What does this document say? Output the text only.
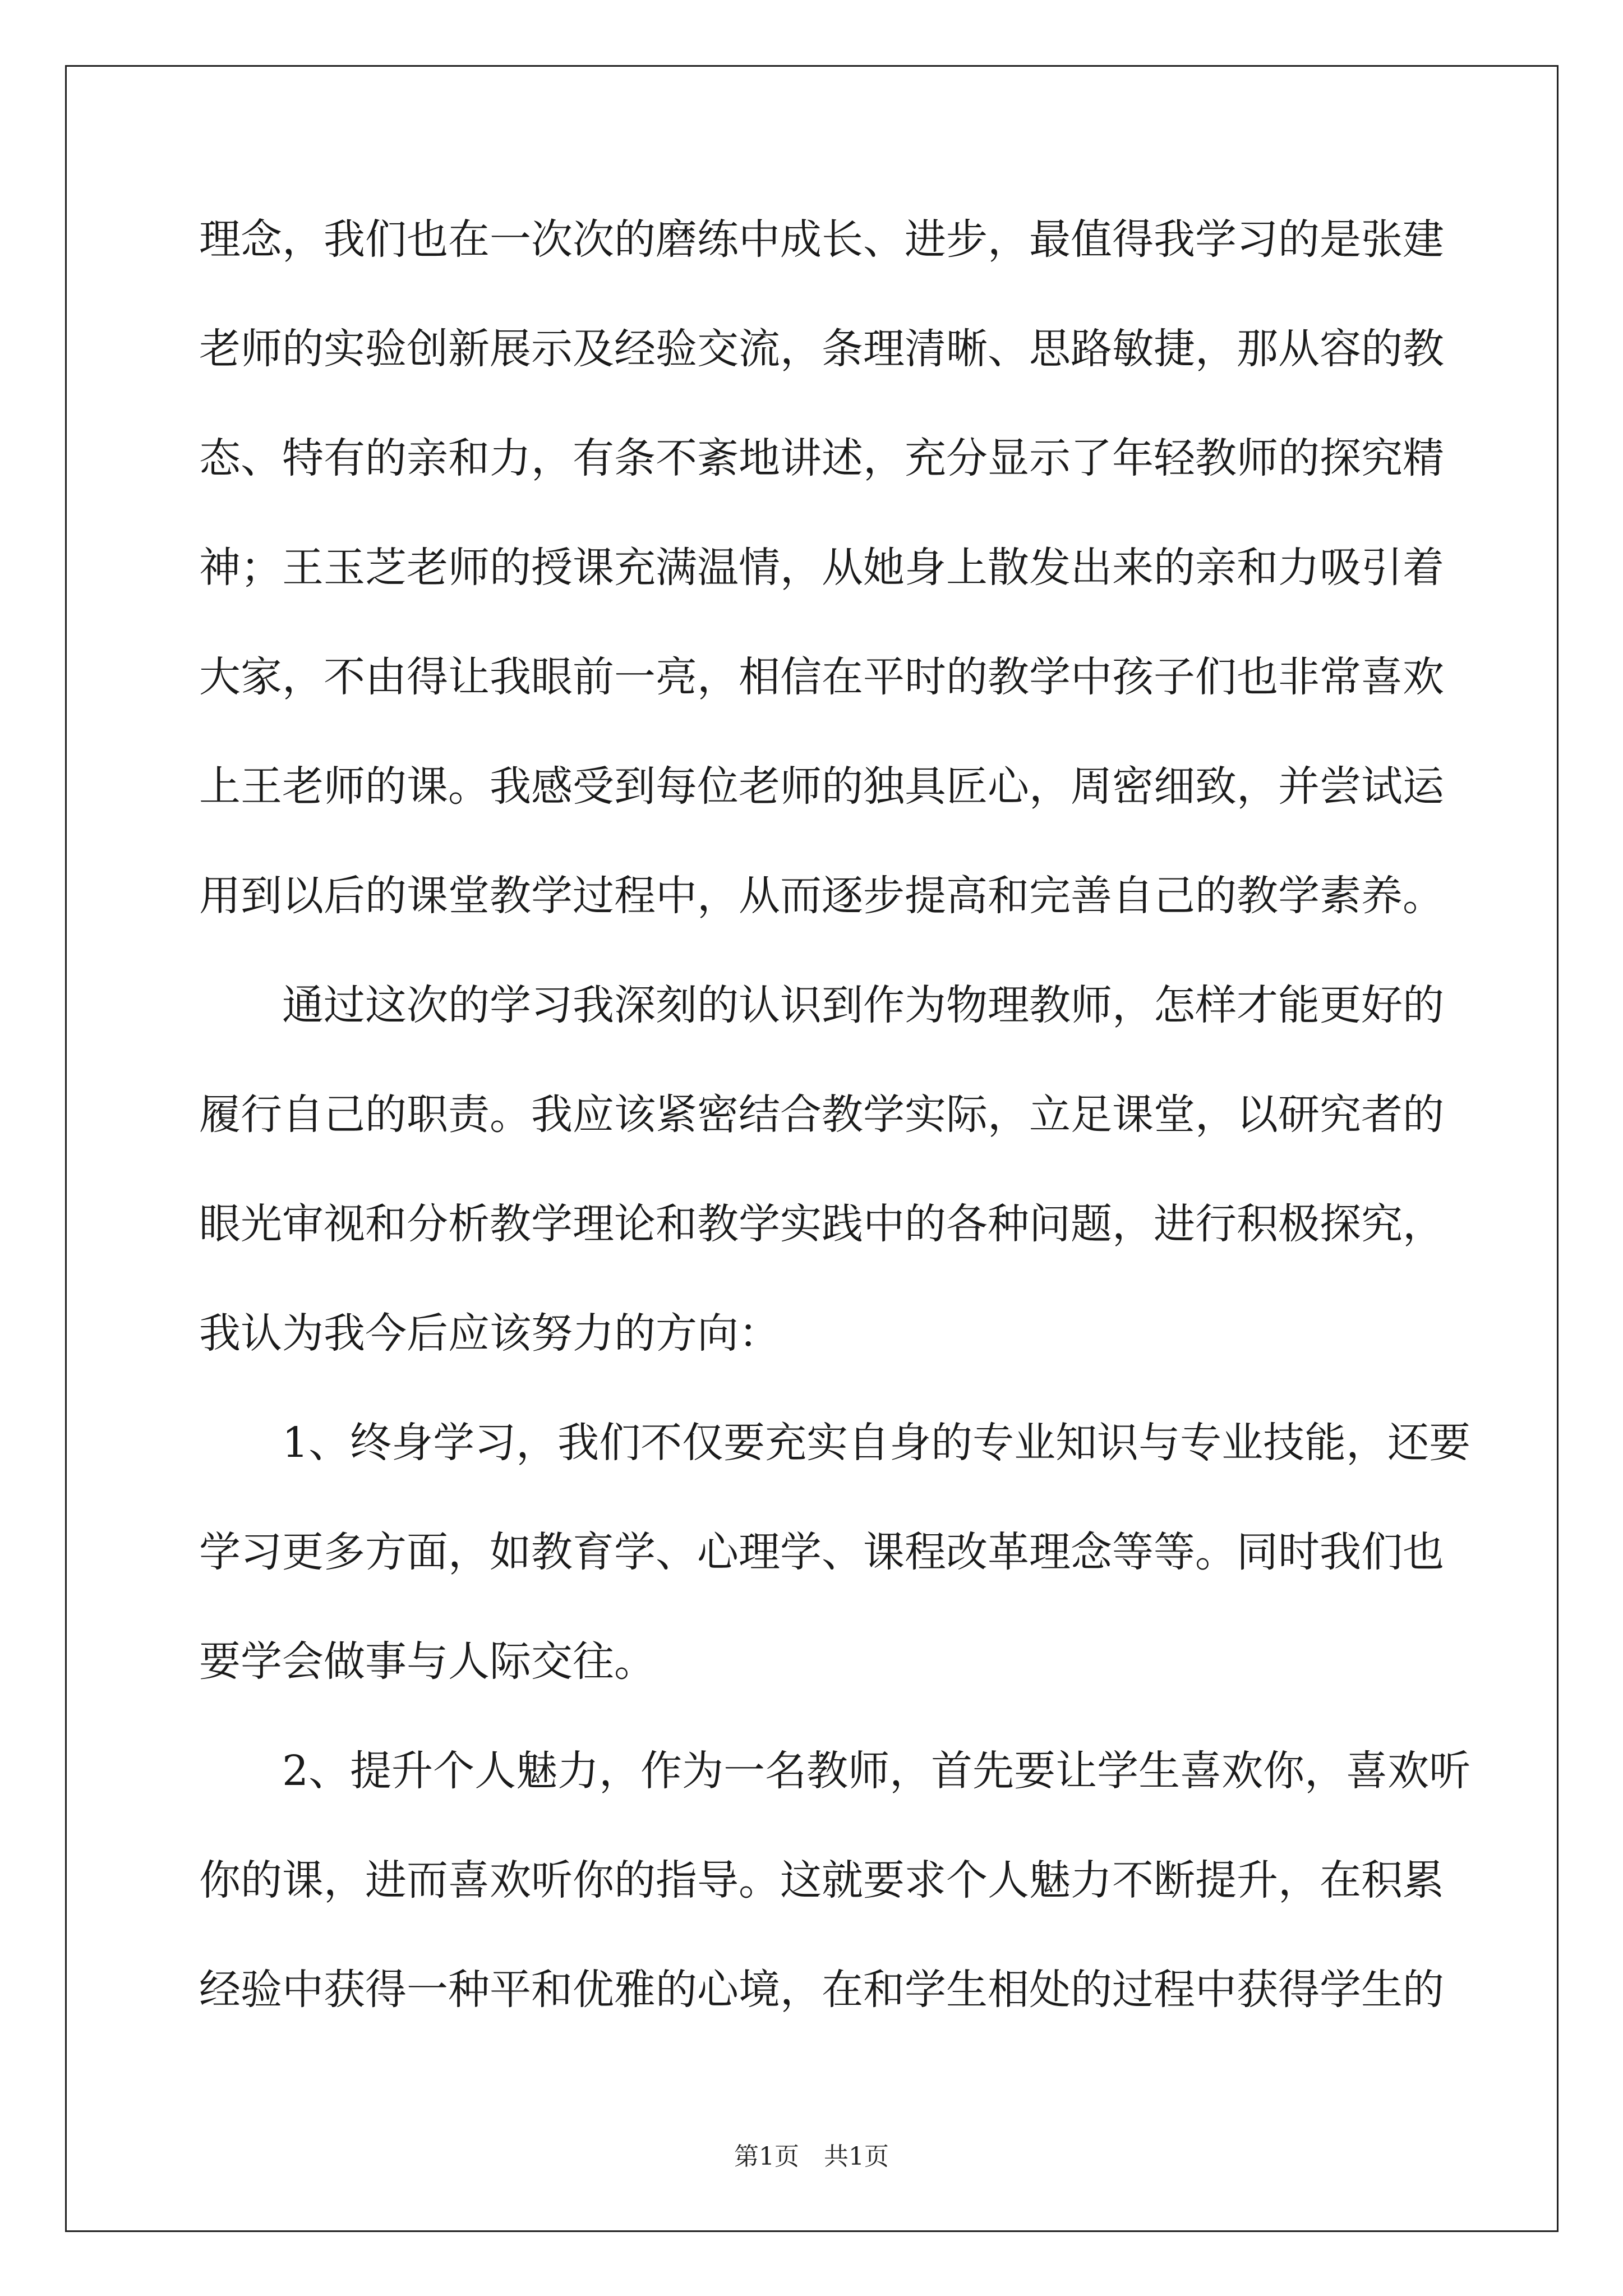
理 念 ， 我 们 也 在 一 次 次 的 磨 练 中 成 长 、 进 步 ， 最 值 得 我 学 习 的 是 张 建
老 师 的 实 验 创 新 展 示 及 经 验 交 流 ， 条 理 清 晰 、 思 路 敏 捷 ， 那 从 容 的 教
态 、 特 有 的 亲 和 力 ， 有 条 不 紊 地 讲 述 ， 充 分 显 示 了 年 轻 教 师 的 探 究 精
神 ； 王 玉 芝 老 师 的 授 课 充 满 温 情 ， 从 她 身 上 散 发 出 来 的 亲 和 力 吸 引 着
大 家 ， 不 由 得 让 我 眼 前 一 亮 ， 相 信 在 平 时 的 教 学 中 孩 子 们 也 非 常 喜 欢
上 王 老 师 的 课 。 我 感 受 到 每 位 老 师 的 独 具 匠 心 ， 周 密 细 致 ， 并 尝 试 运
用 到 以 后 的 课 堂 教 学 过 程 中 ， 从 而 逐 步 提 高 和 完 善 自 己 的 教 学 素 养 。
通 过 这 次 的 学 习 我 深 刻 的 认 识 到 作 为 物 理 教 师 ， 怎 样 才 能 更 好 的
履 行 自 己 的 职 责 。 我 应 该 紧 密 结 合 教 学 实 际 ， 立 足 课 堂 ， 以 研 究 者 的
眼 光 审 视 和 分 析 教 学 理 论 和 教 学 实 践 中 的 各 种 问 题 ， 进 行 积 极 探 究 ，
我认为我今后应该努力的方向：
1 、 终 身 学 习 ， 我 们 不 仅 要 充 实 自 身 的 专 业 知 识 与 专 业 技 能 ， 还 要
学 习 更 多 方 面 ， 如 教 育 学 、 心 理 学 、 课 程 改 革 理 念 等 等 。 同 时 我 们 也
要学会做事与人际交往。
2 、 提 升 个 人 魅 力 ， 作 为 一 名 教 师 ， 首 先 要 让 学 生 喜 欢 你 ， 喜 欢 听
你 的 课 ， 进 而 喜 欢 听 你 的 指 导 。 这 就 要 求 个 人 魅 力 不 断 提 升 ， 在 积 累
经 验 中 获 得 一 种 平 和 优 雅 的 心 境 ， 在 和 学 生 相 处 的 过 程 中 获 得 学 生 的
第1页　共1页
